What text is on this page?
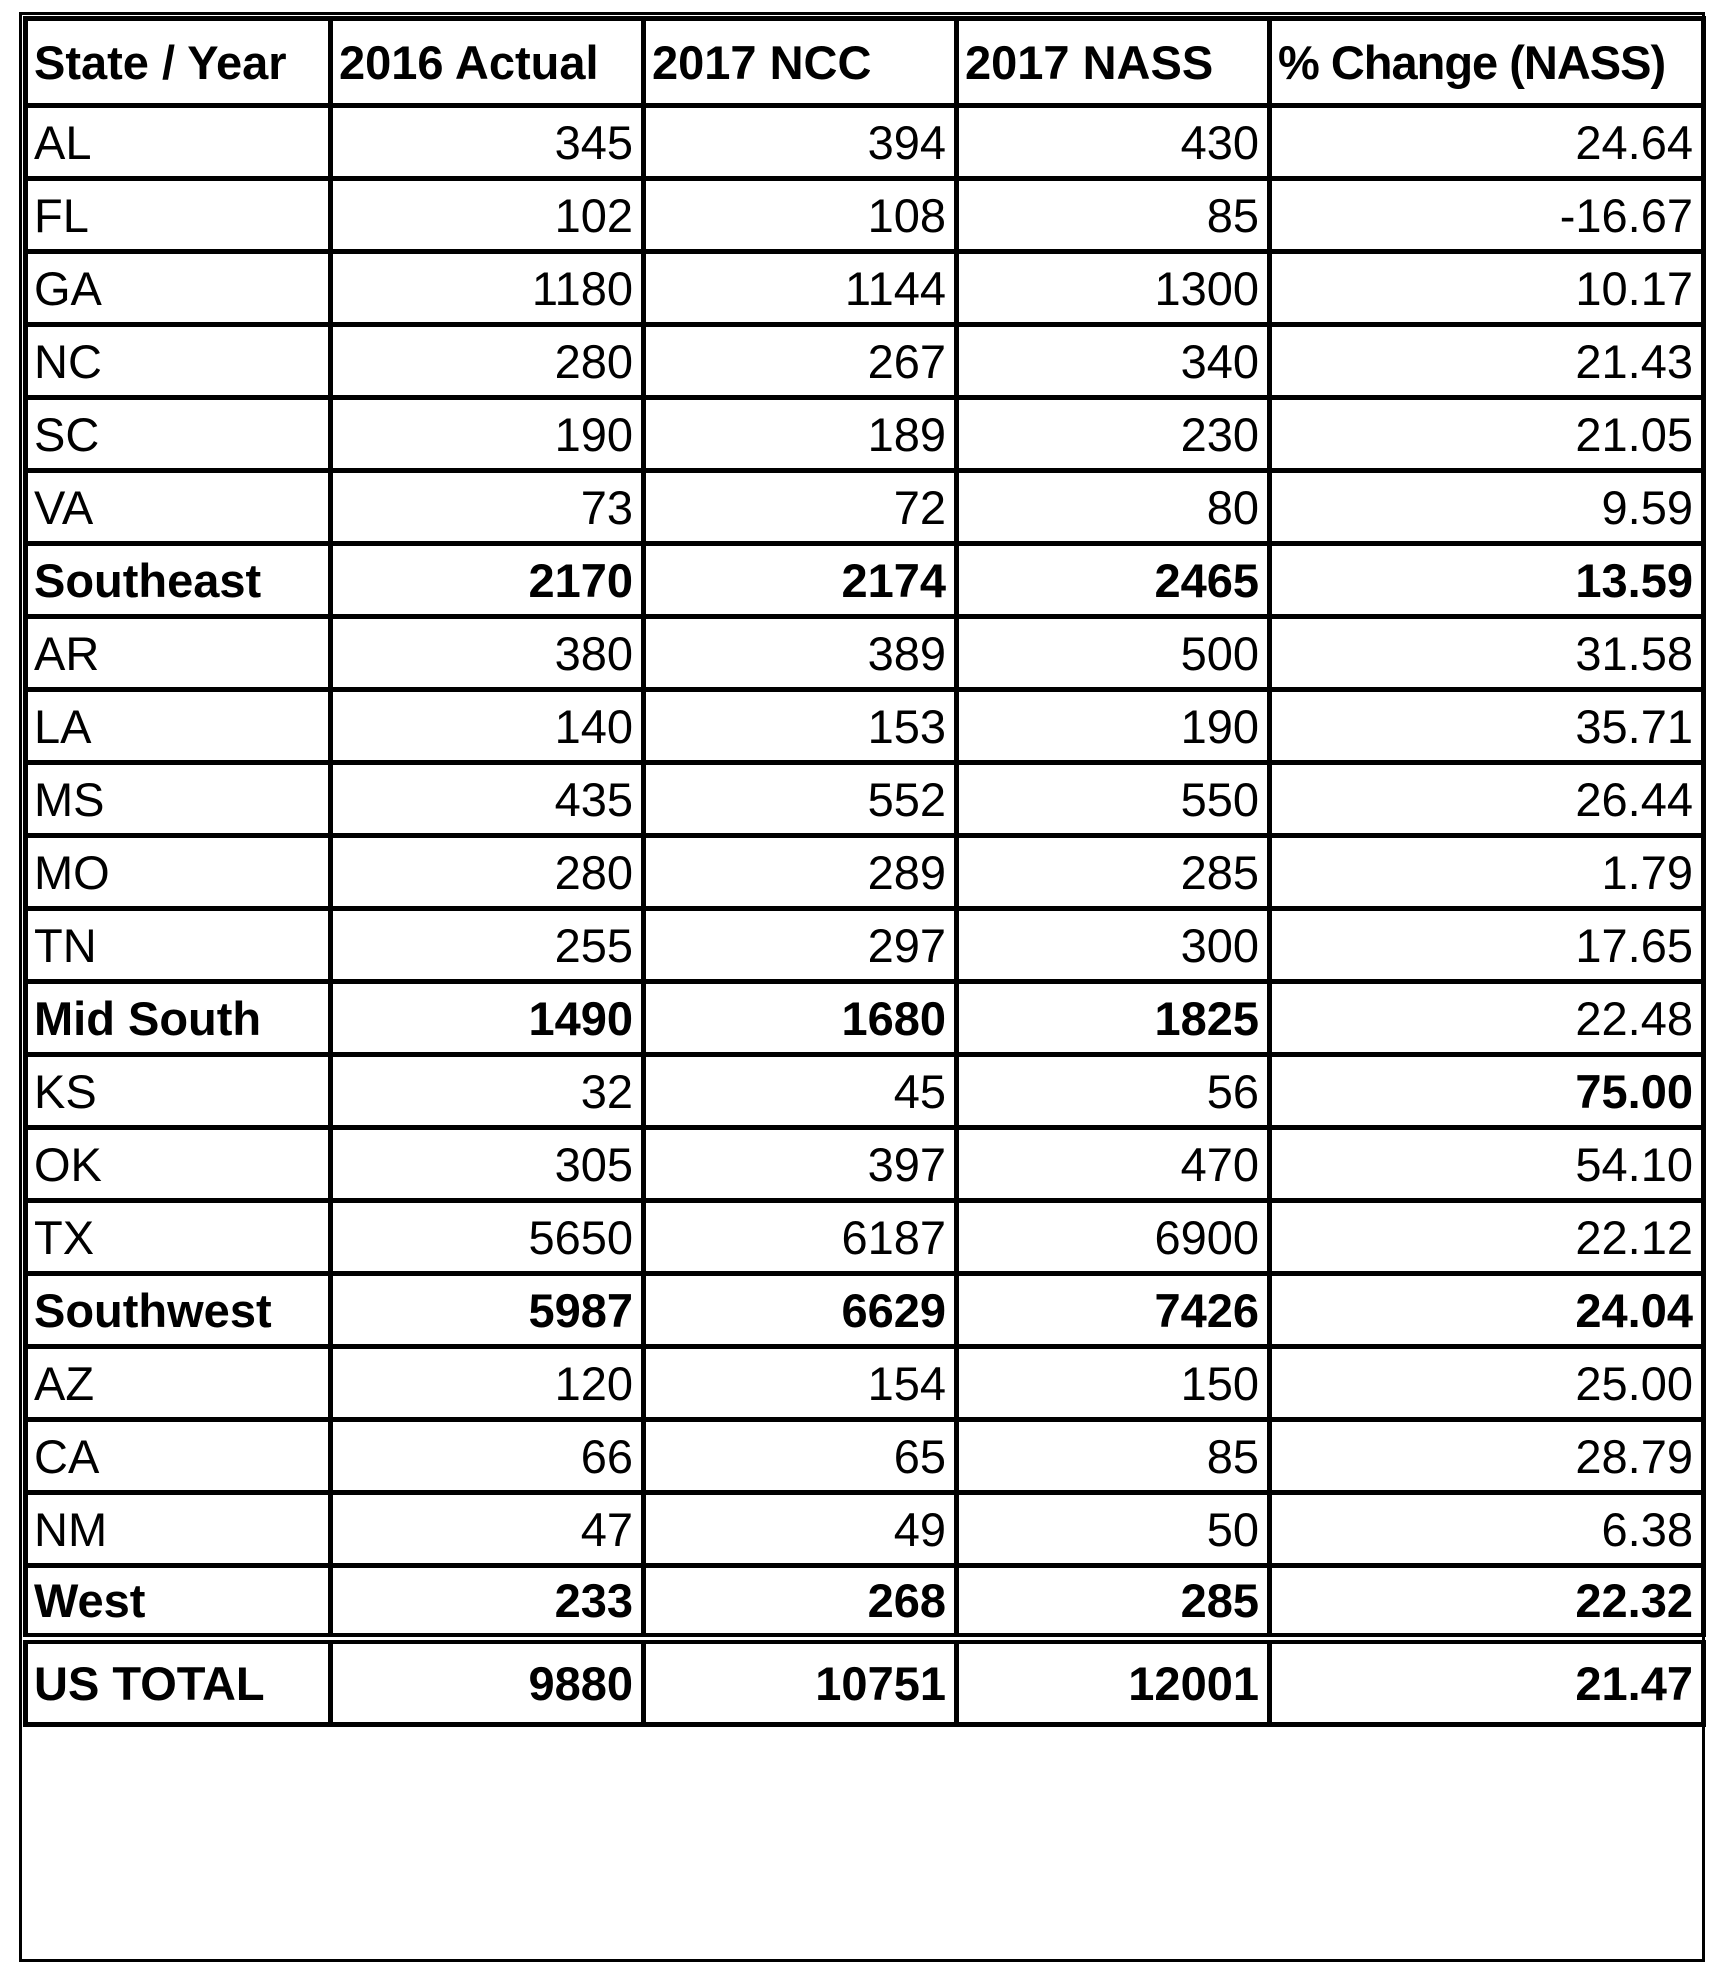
State / Year	2016 Actual	2017 NCC	2017 NASS	% Change (NASS)
AL	345	394	430	24.64
FL	102	108	85	-16.67
GA	1180	1144	1300	10.17
NC	280	267	340	21.43
SC	190	189	230	21.05
VA	73	72	80	9.59
Southeast	2170	2174	2465	13.59
AR	380	389	500	31.58
LA	140	153	190	35.71
MS	435	552	550	26.44
MO	280	289	285	1.79
TN	255	297	300	17.65
Mid South	1490	1680	1825	22.48
KS	32	45	56	75.00
OK	305	397	470	54.10
TX	5650	6187	6900	22.12
Southwest	5987	6629	7426	24.04
AZ	120	154	150	25.00
CA	66	65	85	28.79
NM	47	49	50	6.38
West	233	268	285	22.32
US TOTAL	9880	10751	12001	21.47
